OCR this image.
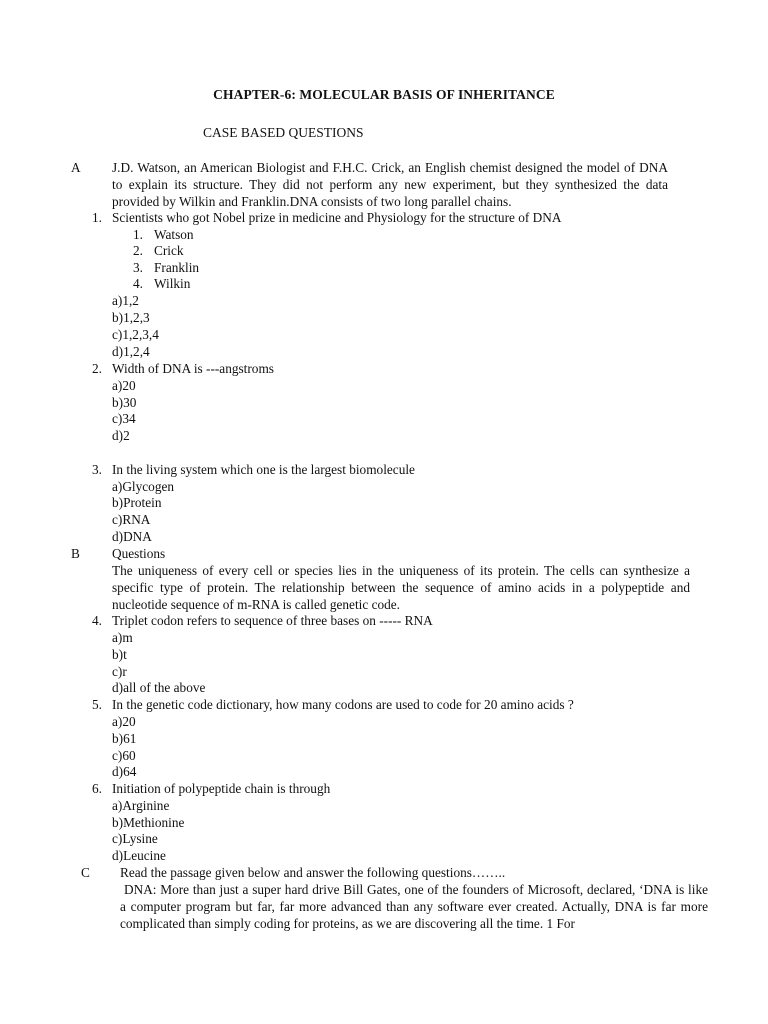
CHAPTER-6: MOLECULAR BASIS OF INHERITANCE
CASE BASED QUESTIONS
A J.D. Watson, an American Biologist and F.H.C. Crick, an English chemist designed the model of DNA to explain its structure. They did not perform any new experiment, but they synthesized the data provided by Wilkin and Franklin.DNA consists of two long parallel chains.
1. Scientists who got Nobel prize in medicine and Physiology for the structure of DNA
1. Watson
2. Crick
3. Franklin
4. Wilkin
a)1,2
b)1,2,3
c)1,2,3,4
d)1,2,4
2. Width of DNA is ---angstroms
a)20
b)30
c)34
d)2
3. In the living system which one is the largest biomolecule
a)Glycogen
b)Protein
c)RNA
d)DNA
B Questions
The uniqueness of every cell or species lies in the uniqueness of its protein. The cells can synthesize a specific type of protein. The relationship between the sequence of amino acids in a polypeptide and nucleotide sequence of m-RNA is called genetic code.
4. Triplet codon refers to sequence of three bases on ----- RNA
a)m
b)t
c)r
d)all of the above
5. In the genetic code dictionary, how many codons are used to code for 20 amino acids ?
a)20
b)61
c)60
d)64
6. Initiation of polypeptide chain is through
a)Arginine
b)Methionine
c)Lysine
d)Leucine
C Read the passage given below and answer the following questions……..
DNA: More than just a super hard drive Bill Gates, one of the founders of Microsoft, declared, ‘DNA is like a computer program but far, far more advanced than any software ever created. Actually, DNA is far more complicated than simply coding for proteins, as we are discovering all the time. 1 For
